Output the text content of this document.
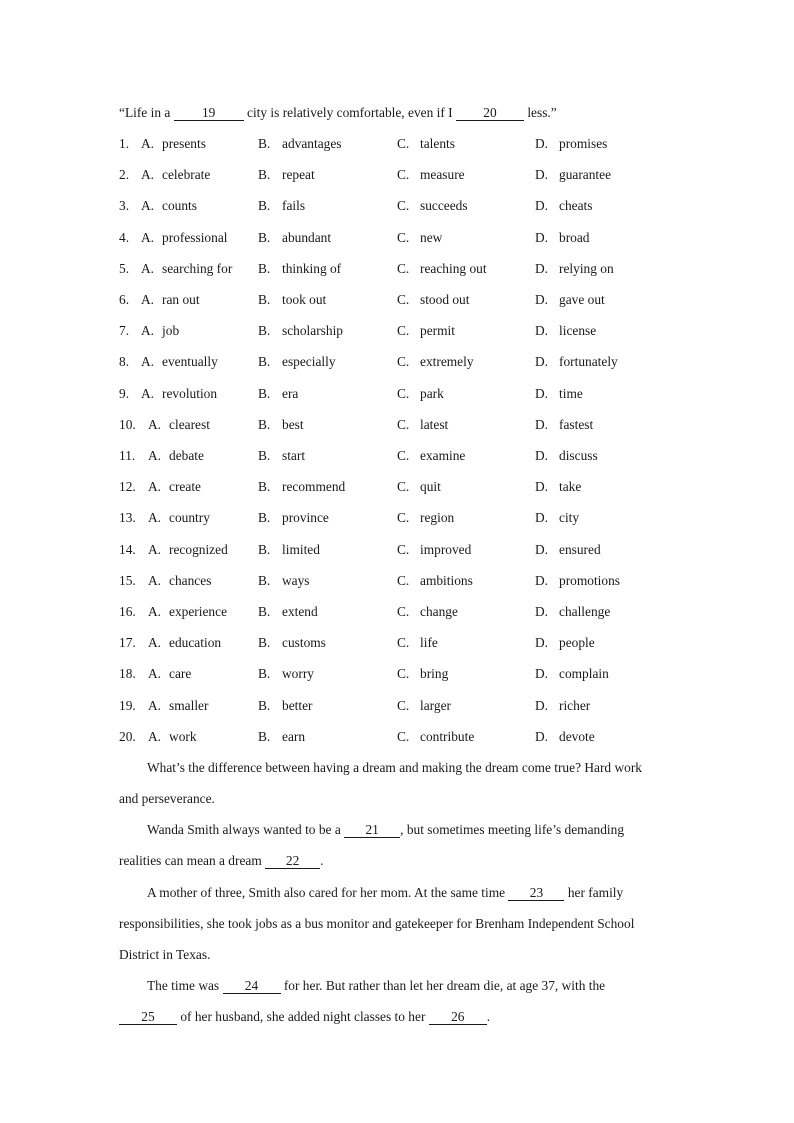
“Life in a 19 city is relatively comfortable, even if I 20 less.”
1. A. presents	B. advantages	C. talents	D. promises
2. A. celebrate	B. repeat	C. measure	D. guarantee
3. A. counts	B. fails	C. succeeds	D. cheats
4. A. professional B. abundant	C. new	D. broad
5. A. searching for B. thinking of	C. reaching out	D. relying on
6. A. ran out	B. took out	C. stood out	D. gave out
7. A. job	B. scholarship	C. permit	D. license
8. A. eventually	B. especially	C. extremely	D. fortunately
9. A. revolution	B. era	C. park	D. time
10. A. clearest	B. best	C. latest	D. fastest
11. A. debate	B. start	C. examine	D. discuss
12. A. create	B. recommend	C. quit	D. take
13. A. country	B. province	C. region	D. city
14. A. recognized B. limited	C. improved	D. ensured
15. A. chances	B. ways	C. ambitions	D. promotions
16. A. experience B. extend	C. change	D. challenge
17. A. education	B. customs	C. life	D. people
18. A. care	B. worry	C. bring	D. complain
19. A. smaller	B. better	C. larger	D. richer
20. A. work	B. earn	C. contribute	D. devote
What’s the difference between having a dream and making the dream come true? Hard work
and perseverance.
Wanda Smith always wanted to be a 21 , but sometimes meeting life’s demanding
realities can mean a dream 22 .
A mother of three, Smith also cared for her mom. At the same time 23 her family
responsibilities, she took jobs as a bus monitor and gatekeeper for Brenham Independent School
District in Texas.
The time was 24 for her. But rather than let her dream die, at age 37, with the
25 of her husband, she added night classes to her 26 .
